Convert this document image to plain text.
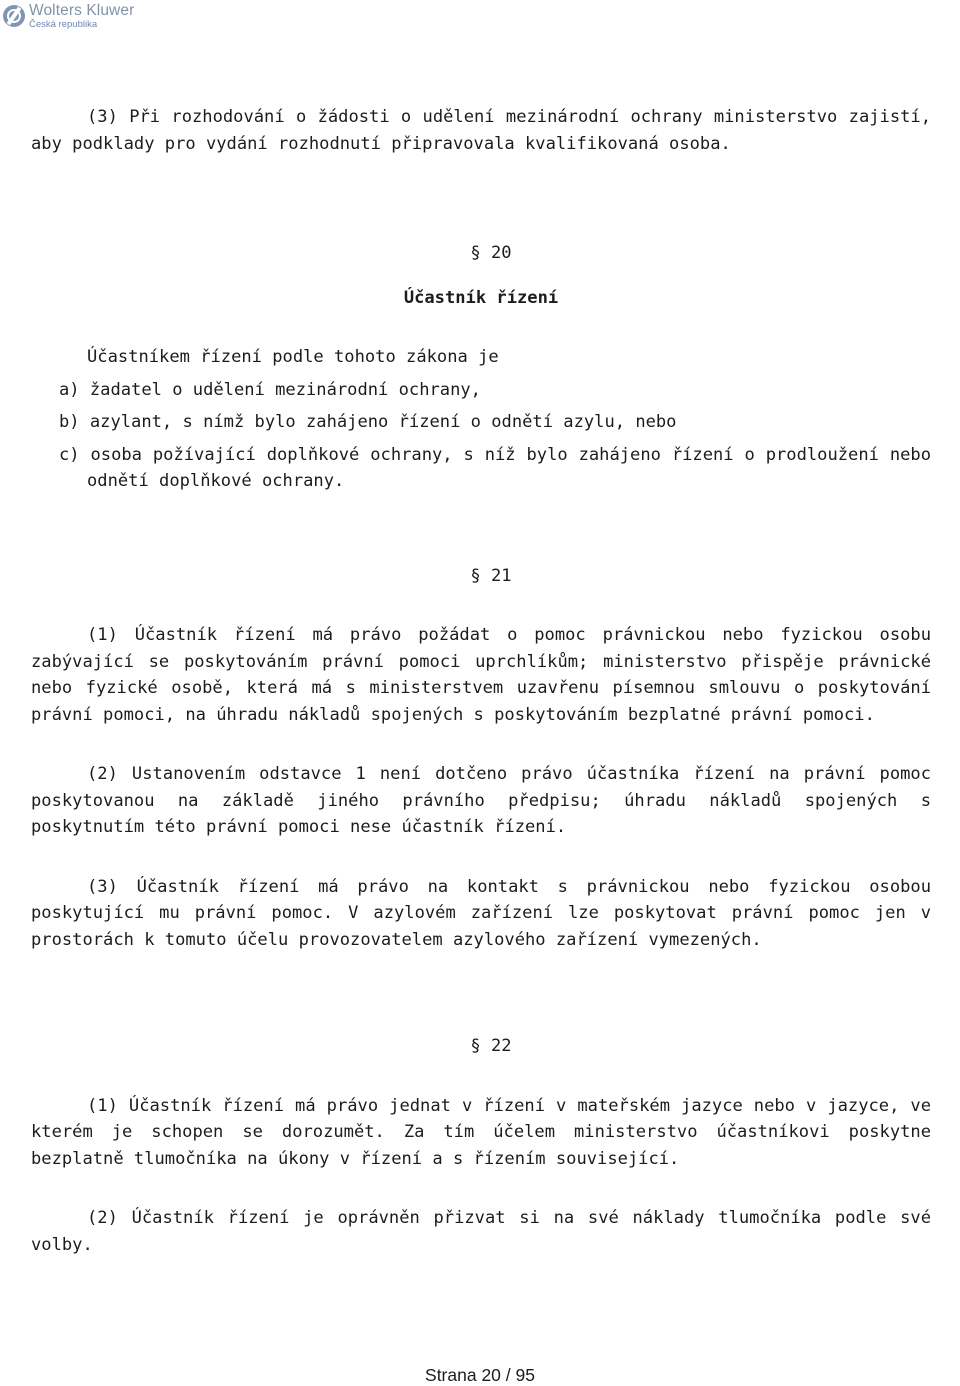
Wolters Kluwer
Česká republika

(3) Při rozhodování o žádosti o udělení mezinárodní ochrany ministerstvo zajistí, aby podklady pro vydání rozhodnutí připravovala kvalifikovaná osoba.

§ 20

Účastník řízení

Účastníkem řízení podle tohoto zákona je

a) žadatel o udělení mezinárodní ochrany,

b) azylant, s nímž bylo zahájeno řízení o odnětí azylu, nebo

c) osoba požívající doplňkové ochrany, s níž bylo zahájeno řízení o prodloužení nebo odnětí doplňkové ochrany.

§ 21

(1) Účastník řízení má právo požádat o pomoc právnickou nebo fyzickou osobu zabývající se poskytováním právní pomoci uprchlíkům; ministerstvo přispěje právnické nebo fyzické osobě, která má s ministerstvem uzavřenu písemnou smlouvu o poskytování právní pomoci, na úhradu nákladů spojených s poskytováním bezplatné právní pomoci.

(2) Ustanovením odstavce 1 není dotčeno právo účastníka řízení na právní pomoc poskytovanou na základě jiného právního předpisu; úhradu nákladů spojených s poskytnutím této právní pomoci nese účastník řízení.

(3) Účastník řízení má právo na kontakt s právnickou nebo fyzickou osobou poskytující mu právní pomoc. V azylovém zařízení lze poskytovat právní pomoc jen v prostorách k tomuto účelu provozovatelem azylového zařízení vymezených.

§ 22

(1) Účastník řízení má právo jednat v řízení v mateřském jazyce nebo v jazyce, ve kterém je schopen se dorozumět. Za tím účelem ministerstvo účastníkovi poskytne bezplatně tlumočníka na úkony v řízení a s řízením související.

(2) Účastník řízení je oprávněn přizvat si na své náklady tlumočníka podle své volby.

Strana 20 / 95
